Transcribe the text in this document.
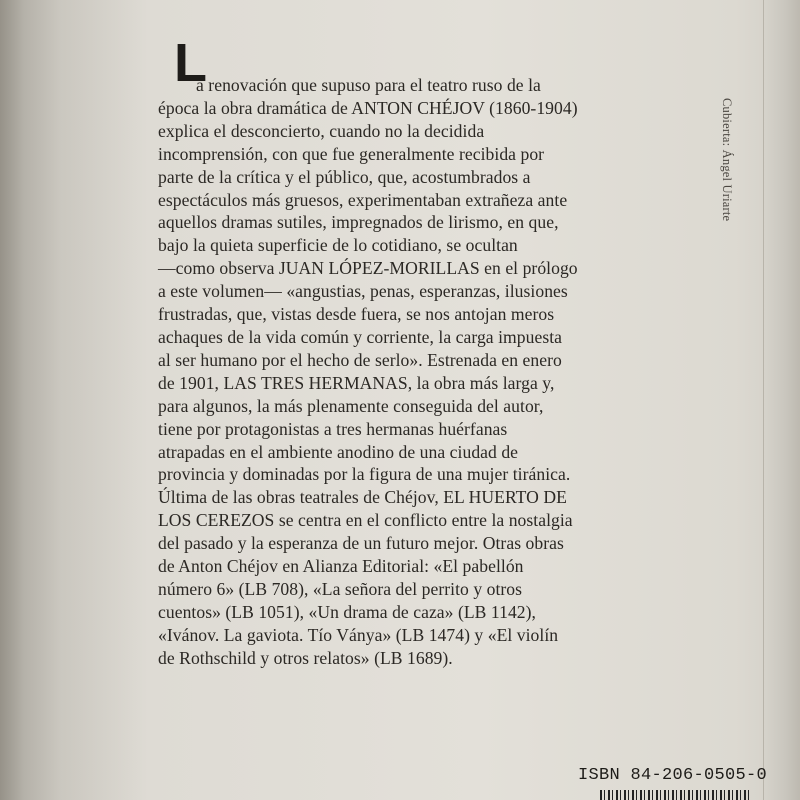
L
a renovación que supuso para el teatro ruso de la
época la obra dramática de ANTON CHÉJOV (1860-1904)
explica el desconcierto, cuando no la decidida
incomprensión, con que fue generalmente recibida por
parte de la crítica y el público, que, acostumbrados a
espectáculos más gruesos, experimentaban extrañeza ante
aquellos dramas sutiles, impregnados de lirismo, en que,
bajo la quieta superficie de lo cotidiano, se ocultan
—como observa JUAN LÓPEZ-MORILLAS en el prólogo
a este volumen— «angustias, penas, esperanzas, ilusiones
frustradas, que, vistas desde fuera, se nos antojan meros
achaques de la vida común y corriente, la carga impuesta
al ser humano por el hecho de serlo». Estrenada en enero
de 1901, LAS TRES HERMANAS, la obra más larga y,
para algunos, la más plenamente conseguida del autor,
tiene por protagonistas a tres hermanas huérfanas
atrapadas en el ambiente anodino de una ciudad de
provincia y dominadas por la figura de una mujer tiránica.
Última de las obras teatrales de Chéjov, EL HUERTO DE
LOS CEREZOS se centra en el conflicto entre la nostalgia
del pasado y la esperanza de un futuro mejor. Otras obras
de Anton Chéjov en Alianza Editorial: «El pabellón
número 6» (LB 708), «La señora del perrito y otros
cuentos» (LB 1051), «Un drama de caza» (LB 1142),
«Ivánov. La gaviota. Tío Ványa» (LB 1474) y «El violín
de Rothschild y otros relatos» (LB 1689).
Cubierta: Ángel Uriarte
ISBN 84-206-0505-0
